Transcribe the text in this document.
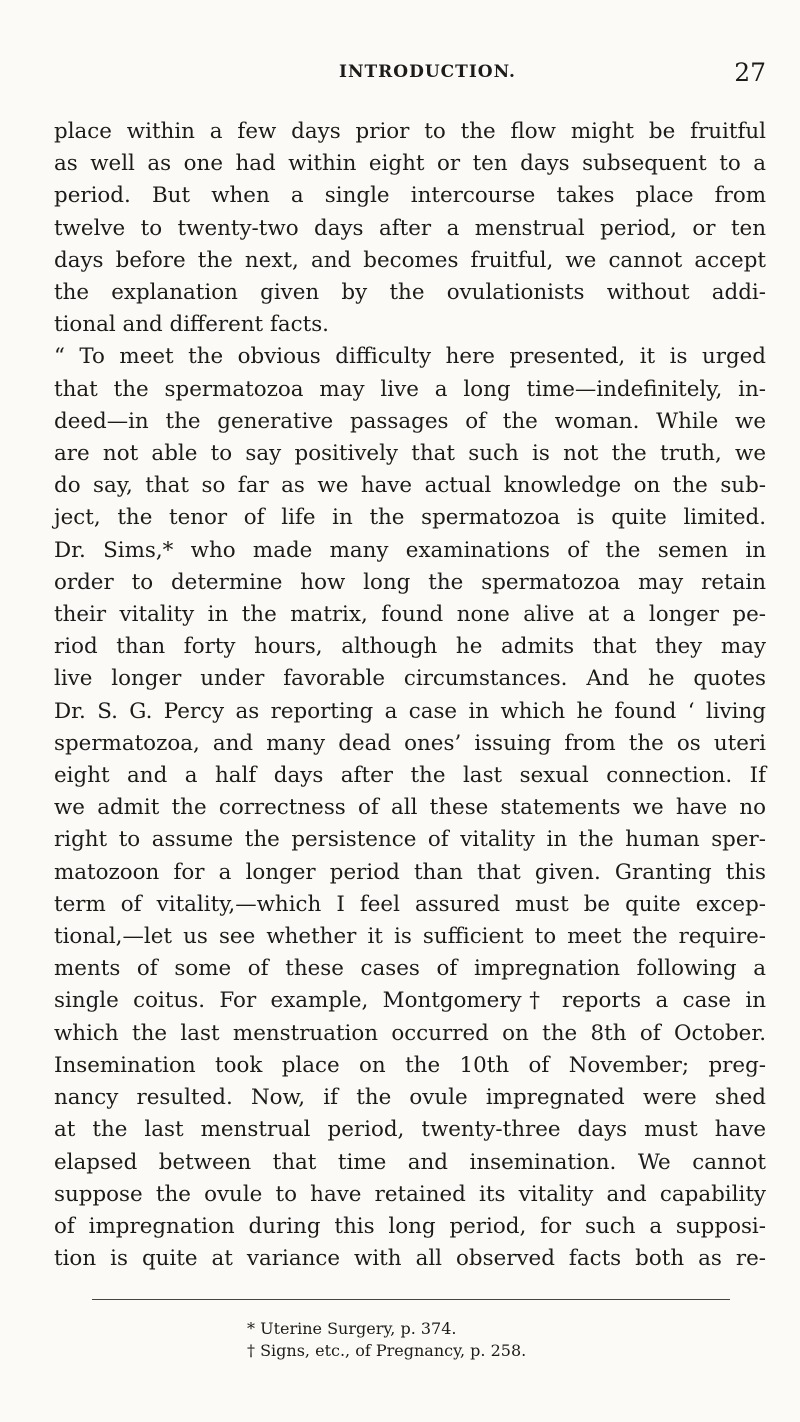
INTRODUCTION.	27
place within a few days prior to the flow might be fruitful
as well as one had within eight or ten days subsequent to a
period. But when a single intercourse takes place from
twelve to twenty-two days after a menstrual period, or ten
days before the next, and becomes fruitful, we cannot accept
the explanation given by the ovulationists without addi-
tional and different facts.
“ To meet the obvious difficulty here presented, it is urged
that the spermatozoa may live a long time—indefinitely, in-
deed—in the generative passages of the woman. While we
are not able to say positively that such is not the truth, we
do say, that so far as we have actual knowledge on the sub-
ject, the tenor of life in the spermatozoa is quite limited.
Dr. Sims,* who made many examinations of the semen in
order to determine how long the spermatozoa may retain
their vitality in the matrix, found none alive at a longer pe-
riod than forty hours, although he admits that they may
live longer under favorable circumstances. And he quotes
Dr. S. G. Percy as reporting a case in which he found ‘ living
spermatozoa, and many dead ones’ issuing from the os uteri
eight and a half days after the last sexual connection. If
we admit the correctness of all these statements we have no
right to assume the persistence of vitality in the human sper-
matozoon for a longer period than that given. Granting this
term of vitality,—which I feel assured must be quite excep-
tional,—let us see whether it is sufficient to meet the require-
ments of some of these cases of impregnation following a
single coitus. For example, Montgomery† reports a case in
which the last menstruation occurred on the 8th of October.
Insemination took place on the 10th of November; preg-
nancy resulted. Now, if the ovule impregnated were shed
at the last menstrual period, twenty-three days must have
elapsed between that time and insemination. We cannot
suppose the ovule to have retained its vitality and capability
of impregnation during this long period, for such a supposi-
tion is quite at variance with all observed facts both as re-
* Uterine Surgery, p. 374.
† Signs, etc., of Pregnancy, p. 258.
